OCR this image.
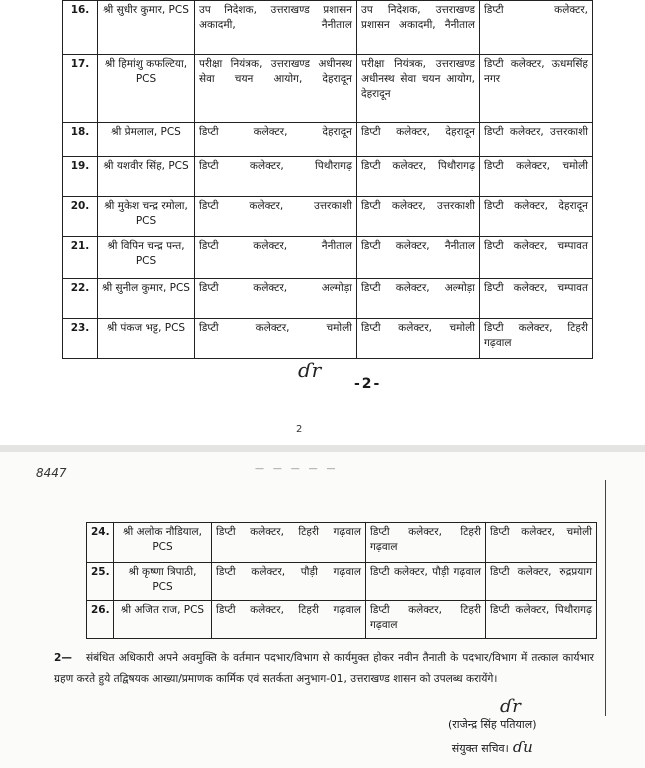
16.	श्री सुधीर कुमार, PCS	उप निदेशक, उत्तराखण्ड प्रशासन अकादमी, नैनीताल	उप निदेशक, उत्तराखण्ड प्रशासन अकादमी, नैनीताल	डिप्टी कलेक्टर,
17.	श्री हिमांशु कफल्टिया, PCS	परीक्षा नियंत्रक, उत्तराखण्ड अधीनस्थ सेवा चयन आयोग, देहरादून	परीक्षा नियंत्रक, उत्तराखण्ड अधीनस्थ सेवा चयन आयोग, देहरादून	डिप्टी कलेक्टर, ऊधमसिंह नगर
18.	श्री प्रेमलाल, PCS	डिप्टी कलेक्टर, देहरादून	डिप्टी कलेक्टर, देहरादून	डिप्टी कलेक्टर, उत्तरकाशी
19.	श्री यशवीर सिंह, PCS	डिप्टी कलेक्टर, पिथौरागढ़	डिप्टी कलेक्टर, पिथौरागढ़	डिप्टी कलेक्टर, चमोली
20.	श्री मुकेश चन्द्र रमोला, PCS	डिप्टी कलेक्टर, उत्तरकाशी	डिप्टी कलेक्टर, उत्तरकाशी	डिप्टी कलेक्टर, देहरादून
21.	श्री विपिन चन्द्र पन्त, PCS	डिप्टी कलेक्टर, नैनीताल	डिप्टी कलेक्टर, नैनीताल	डिप्टी कलेक्टर, चम्पावत
22.	श्री सुनील कुमार, PCS	डिप्टी कलेक्टर, अल्मोड़ा	डिप्टी कलेक्टर, अल्मोड़ा	डिप्टी कलेक्टर, चम्पावत
23.	श्री पंकज भट्ट, PCS	डिप्टी कलेक्टर, चमोली	डिप्टी कलेक्टर, चमोली	डिप्टी कलेक्टर, टिहरी गढ़वाल
ɗr
-2-
2
8447	— — — — —
24.	श्री अलोक नौडियाल, PCS	डिप्टी कलेक्टर, टिहरी गढ़वाल	डिप्टी कलेक्टर, टिहरी गढ़वाल	डिप्टी कलेक्टर, चमोली
25.	श्री कृष्णा त्रिपाठी, PCS	डिप्टी कलेक्टर, पौड़ी गढ़वाल	डिप्टी कलेक्टर, पौड़ी गढ़वाल	डिप्टी कलेक्टर, रुद्रप्रयाग
26.	श्री अजित राज, PCS	डिप्टी कलेक्टर, टिहरी गढ़वाल	डिप्टी कलेक्टर, टिहरी गढ़वाल	डिप्टी कलेक्टर, पिथौरागढ़
2— संबंधित अधिकारी अपने अवमुक्ति के वर्तमान पदभार/विभाग से कार्यमुक्त होकर नवीन तैनाती के पदभार/विभाग में तत्काल कार्यभार ग्रहण करते हुये तद्विषयक आख्या/प्रमाणक कार्मिक एवं सतर्कता अनुभाग-01, उत्तराखण्ड शासन को उपलब्ध करायेंगे।
ɗr
(राजेन्द्र सिंह पतियाल)
संयुक्त सचिव। ɗu
